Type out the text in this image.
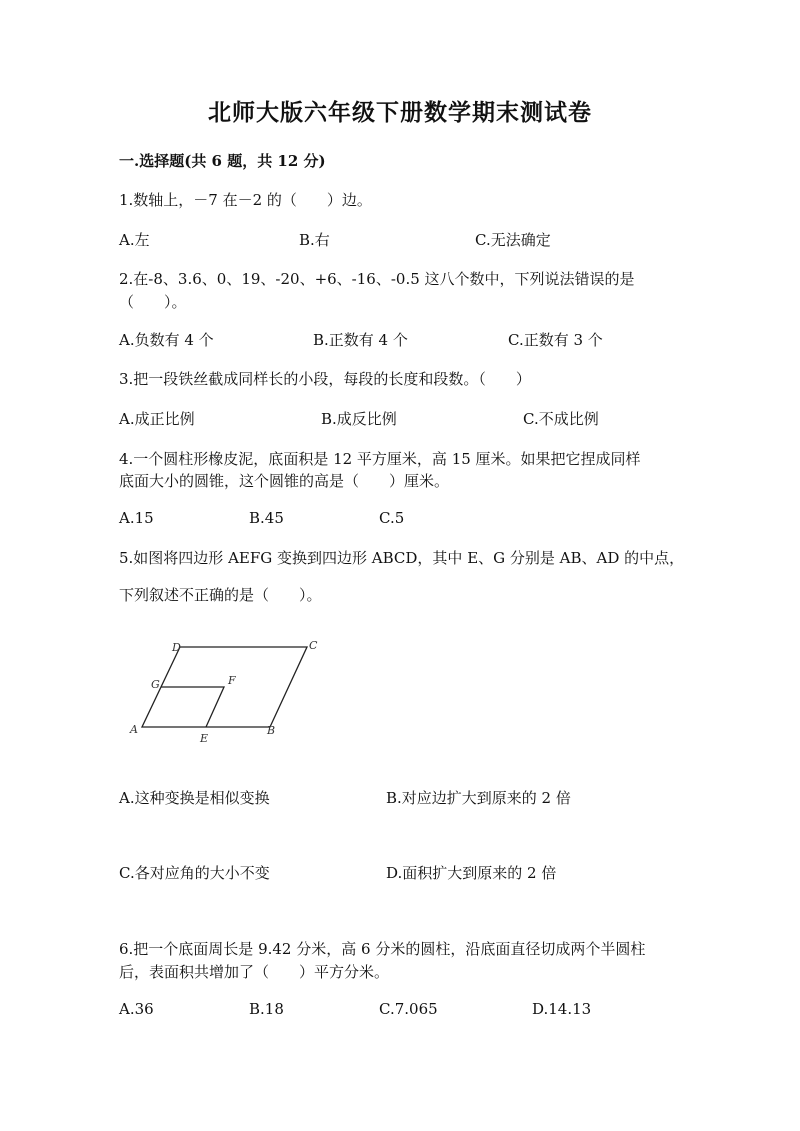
北师大版六年级下册数学期末测试卷
一.选择题(共 6 题，共 12 分)
1.数轴上，－7 在－2 的（　　）边。
A.左	B.右	C.无法确定
2.在-8、3.6、0、19、-20、+6、-16、-0.5 这八个数中，下列说法错误的是
（　　）。
A.负数有 4 个	B.正数有 4 个	C.正数有 3 个
3.把一段铁丝截成同样长的小段，每段的长度和段数。（　　）
A.成正比例	B.成反比例	C.不成比例
4.一个圆柱形橡皮泥，底面积是 12 平方厘米，高 15 厘米。如果把它捏成同样
底面大小的圆锥，这个圆锥的高是（　　）厘米。
A.15	B.45	C.5
5.如图将四边形 AEFG 变换到四边形 ABCD，其中 E、G 分别是 AB、AD 的中点，
下列叙述不正确的是（　　）。
D	C
G	F
A
E
B
A.这种变换是相似变换	B.对应边扩大到原来的 2 倍
C.各对应角的大小不变	D.面积扩大到原来的 2 倍
6.把一个底面周长是 9.42 分米，高 6 分米的圆柱，沿底面直径切成两个半圆柱
后，表面积共增加了（　　）平方分米。
A.36	B.18	C.7.065	D.14.13
